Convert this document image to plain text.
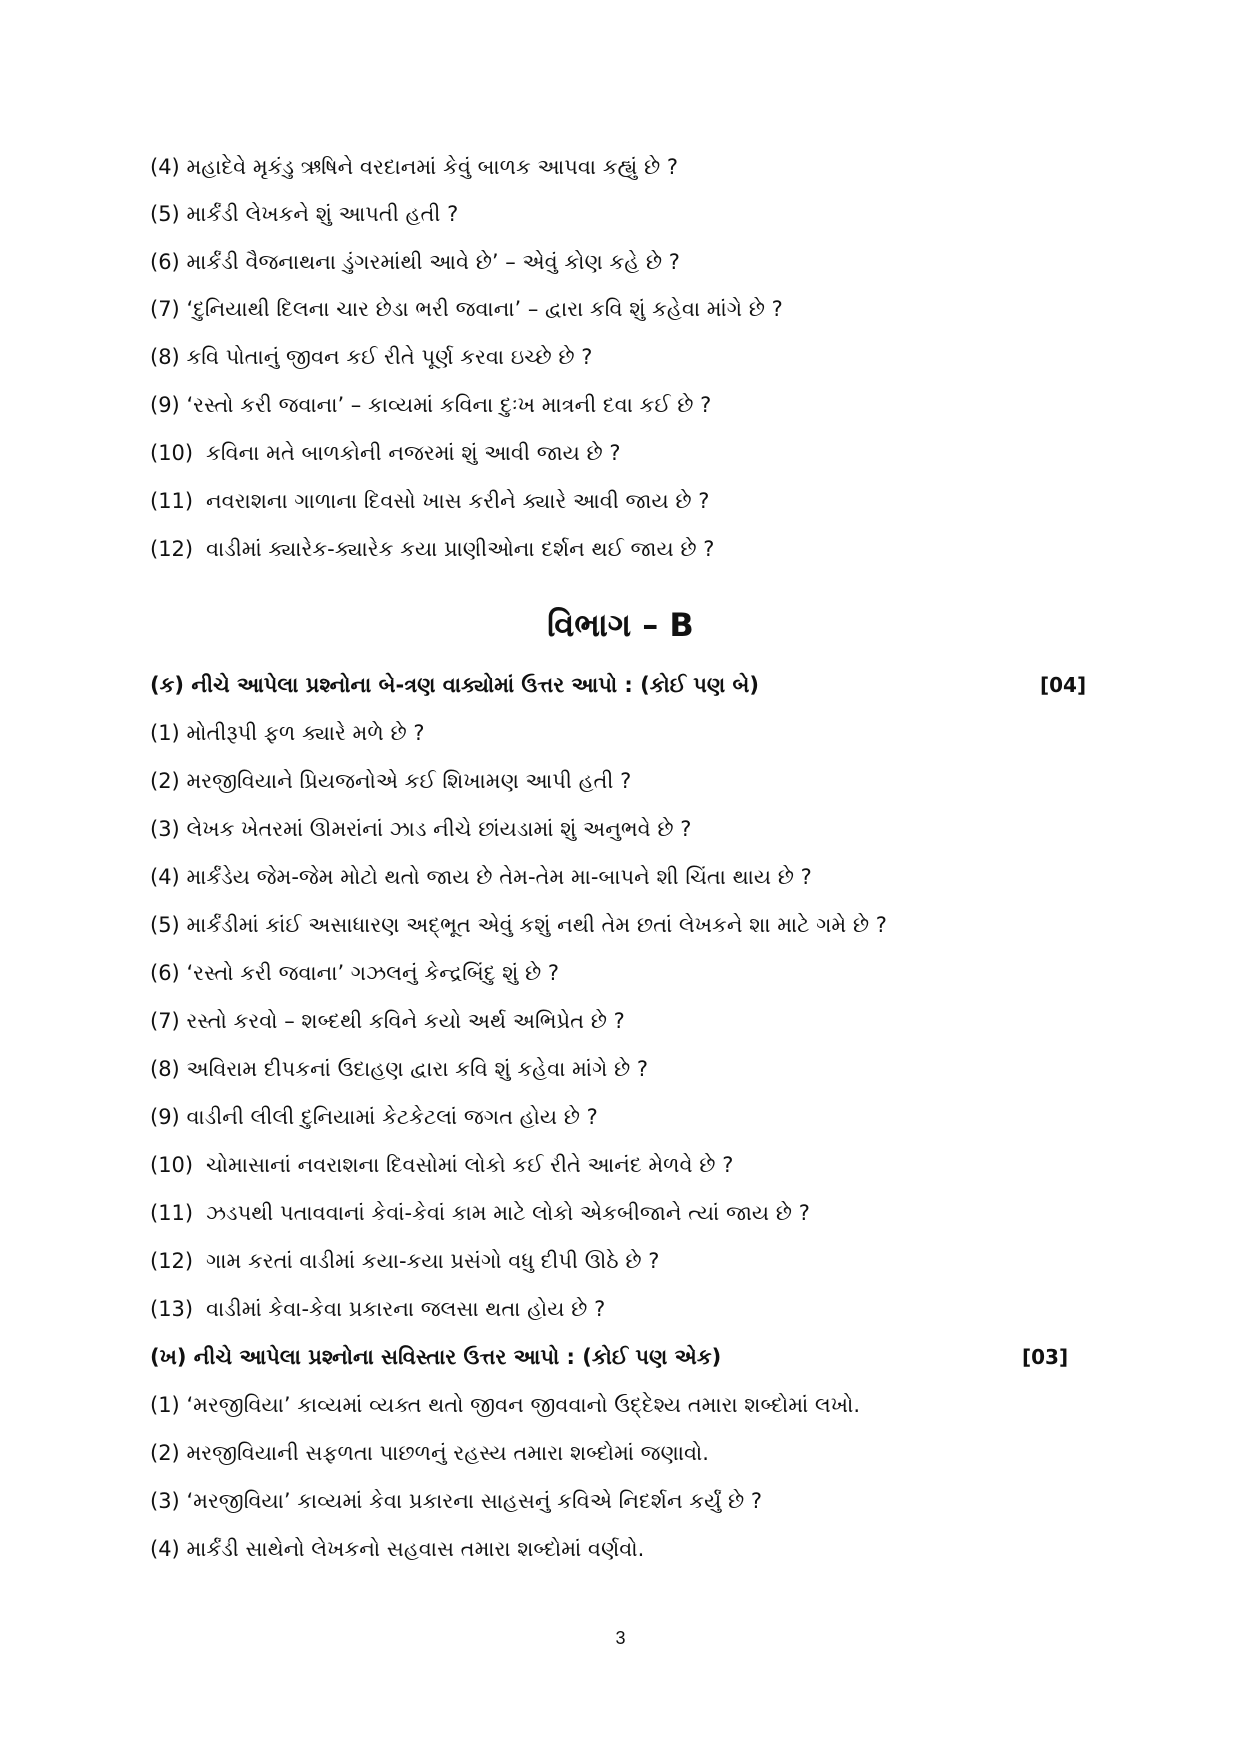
(4) મહાદેવે મૃકંડુ ઋષિને વરદાનમાં કેવું બાળક આપવા કહ્યું છે ?
(5) માર્કંડી લેખકને શું આપતી હતી ?
(6) માર્કંડી વૈજનાથના ડુંગરમાંથી આવે છે’ – એવું કોણ કહે છે ?
(7) ‘દુનિયાથી દિલના ચાર છેડા ભરી જવાના’ – દ્વારા કવિ શું કહેવા માંગે છે ?
(8) કવિ પોતાનું જીવન કઈ રીતે પૂર્ણ કરવા ઇચ્છે છે ?
(9) ‘રસ્તો કરી જવાના’ – કાવ્યમાં કવિના દુઃખ માત્રની દવા કઈ છે ?
(10) કવિના મતે બાળકોની નજરમાં શું આવી જાય છે ?
(11) નવરાશના ગાળાના દિવસો ખાસ કરીને ક્યારે આવી જાય છે ?
(12) વાડીમાં ક્યારેક-ક્યારેક કયા પ્રાણીઓના દર્શન થઈ જાય છે ?
વિભાગ – B
(ક) નીચે આપેલા પ્રશ્નોના બે-ત્રણ વાક્યોમાં ઉત્તર આપો : (કોઈ પણ બે)	[04]
(1) મોતીરૂપી ફળ ક્યારે મળે છે ?
(2) મરજીવિયાને પ્રિયજનોએ કઈ શિખામણ આપી હતી ?
(3) લેખક ખેતરમાં ઊમરાંનાં ઝાડ નીચે છાંયડામાં શું અનુભવે છે ?
(4) માર્કંડેય જેમ-જેમ મોટો થતો જાય છે તેમ-તેમ મા-બાપને શી ચિંતા થાય છે ?
(5) માર્કંડીમાં કાંઈ અસાધારણ અદ્ભૂત એવું કશું નથી તેમ છતાં લેખકને શા માટે ગમે છે ?
(6) ‘રસ્તો કરી જવાના’ ગઝલનું કેન્દ્રબિંદુ શું છે ?
(7) રસ્તો કરવો – શબ્દથી કવિને કયો અર્થ અભિપ્રેત છે ?
(8) અવિરામ દીપકનાં ઉદાહણ દ્વારા કવિ શું કહેવા માંગે છે ?
(9) વાડીની લીલી દુનિયામાં કેટકેટલાં જગત હોય છે ?
(10) ચોમાસાનાં નવરાશના દિવસોમાં લોકો કઈ રીતે આનંદ મેળવે છે ?
(11) ઝડપથી પતાવવાનાં કેવાં-કેવાં કામ માટે લોકો એકબીજાને ત્યાં જાય છે ?
(12) ગામ કરતાં વાડીમાં કયા-કયા પ્રસંગો વધુ દીપી ઊઠે છે ?
(13) વાડીમાં કેવા-કેવા પ્રકારના જલસા થતા હોય છે ?
(ખ) નીચે આપેલા પ્રશ્નોના સવિસ્તાર ઉત્તર આપો : (કોઈ પણ એક)	[03]
(1) ‘મરજીવિયા’ કાવ્યમાં વ્યક્ત થતો જીવન જીવવાનો ઉદ્દેશ્ય તમારા શબ્દોમાં લખો.
(2) મરજીવિયાની સફળતા પાછળનું રહસ્ય તમારા શબ્દોમાં જણાવો.
(3) ‘મરજીવિયા’ કાવ્યમાં કેવા પ્રકારના સાહસનું કવિએ નિદર્શન કર્યું છે ?
(4) માર્કંડી સાથેનો લેખકનો સહવાસ તમારા શબ્દોમાં વર્ણવો.
3
